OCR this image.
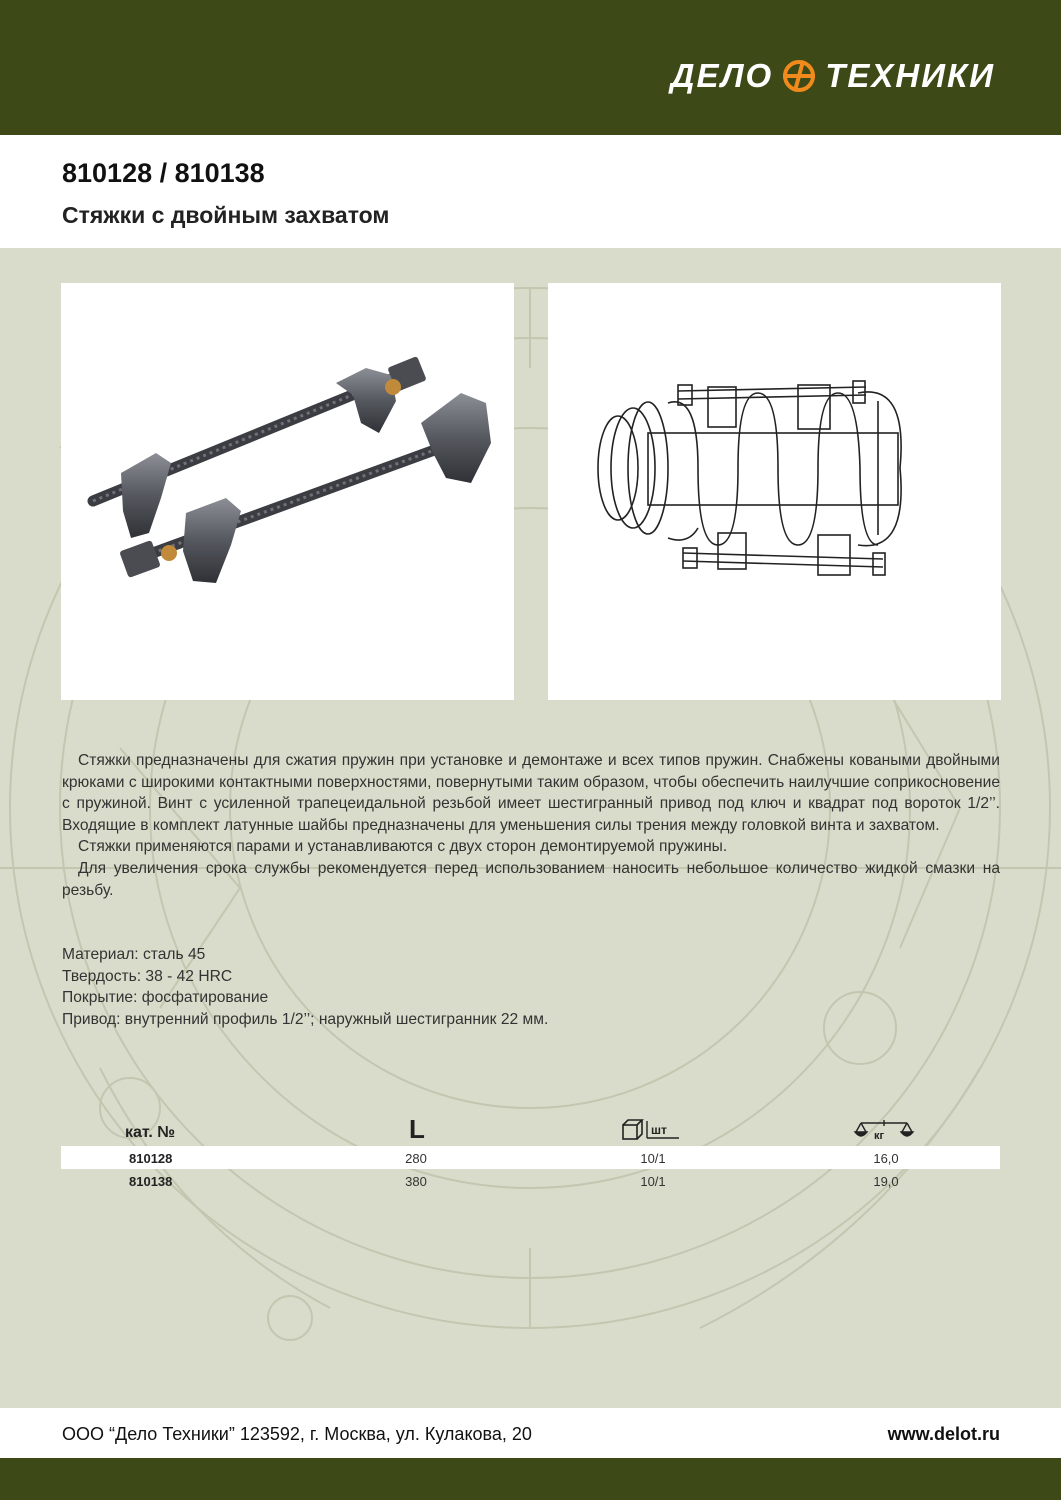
ДЕЛО ТЕХНИКИ
810128 / 810138
Стяжки с двойным захватом

Стяжки предназначены для сжатия пружин при установке и демонтаже и всех типов пружин. Снабжены коваными двойными крюками с широкими контактными поверхностями, повернутыми таким образом, чтобы обеспечить наилучшие соприкосновение с пружиной. Винт с усиленной трапецеидальной резьбой имеет шестигранный привод под ключ и квадрат под вороток 1/2’’. Входящие в комплект латунные шайбы предназначены для уменьшения силы трения между головкой винта и захватом.

Стяжки применяются парами и устанавливаются с двух сторон демонтируемой пружины.

Для увеличения срока службы рекомендуется перед использованием наносить небольшое количество жидкой смазки на резьбу.

Материал: сталь 45
Твердость: 38 - 42 HRC
Покрытие: фосфатирование
Привод: внутренний профиль 1/2’’; наружный шестигранник 22 мм.
кат. №	L	шт	кг
810128	280	10/1	16,0
810138	380	10/1	19,0
ООО “Дело Техники” 123592, г. Москва, ул. Кулакова, 20	www.delot.ru
